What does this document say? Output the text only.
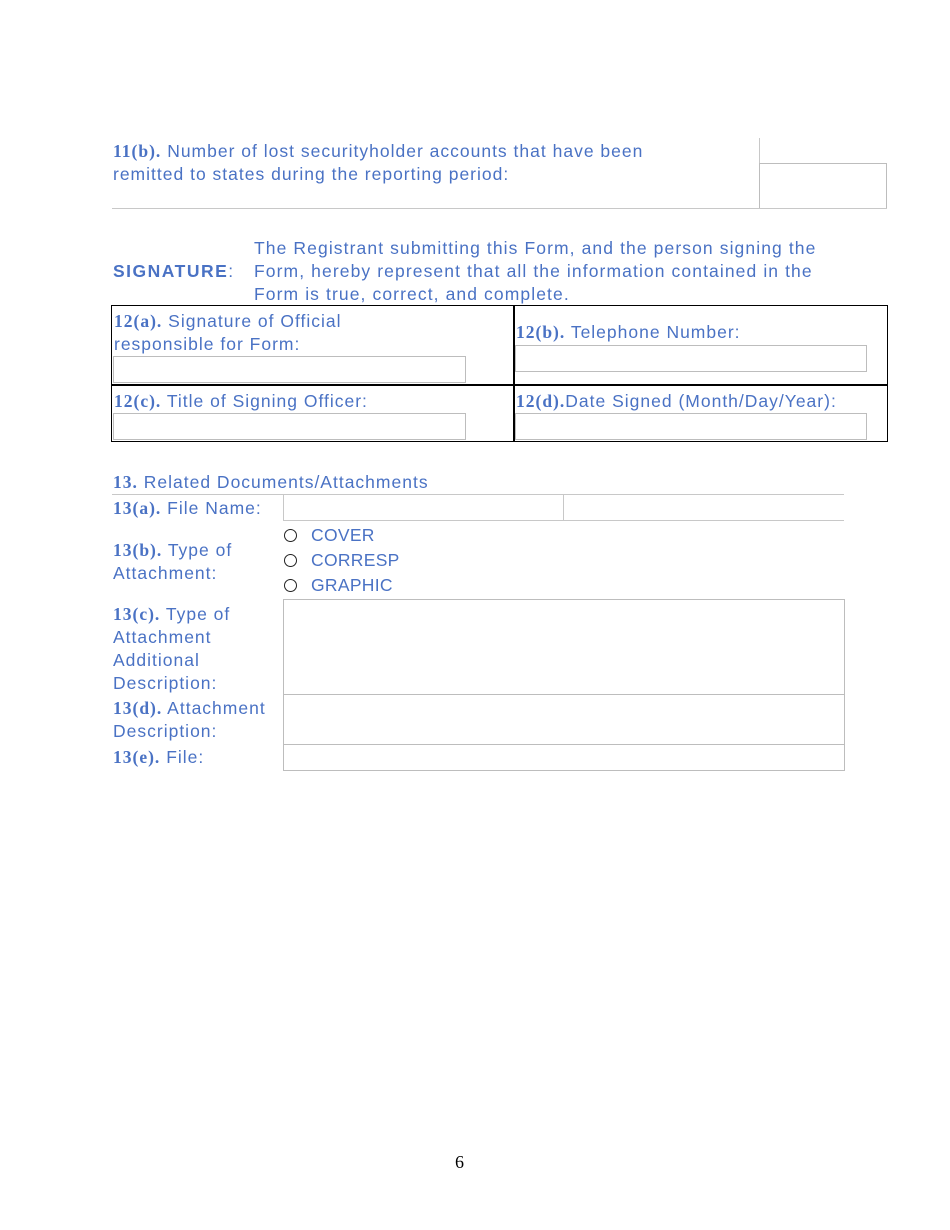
11(b). Number of lost securityholder accounts that have been
remitted to states during the reporting period:
SIGNATURE:
The Registrant submitting this Form, and the person signing the
Form, hereby represent that all the information contained in the
Form is true, correct, and complete.
12(a). Signature of Official
responsible for Form:
12(b). Telephone Number:
12(c). Title of Signing Officer:	12(d).Date Signed (Month/Day/Year):
13. Related Documents/Attachments
13(a). File Name:
13(b). Type of
Attachment:
COVER
CORRESP
GRAPHIC
13(c). Type of
Attachment
Additional
Description:
13(d). Attachment
Description:
13(e). File:
6
